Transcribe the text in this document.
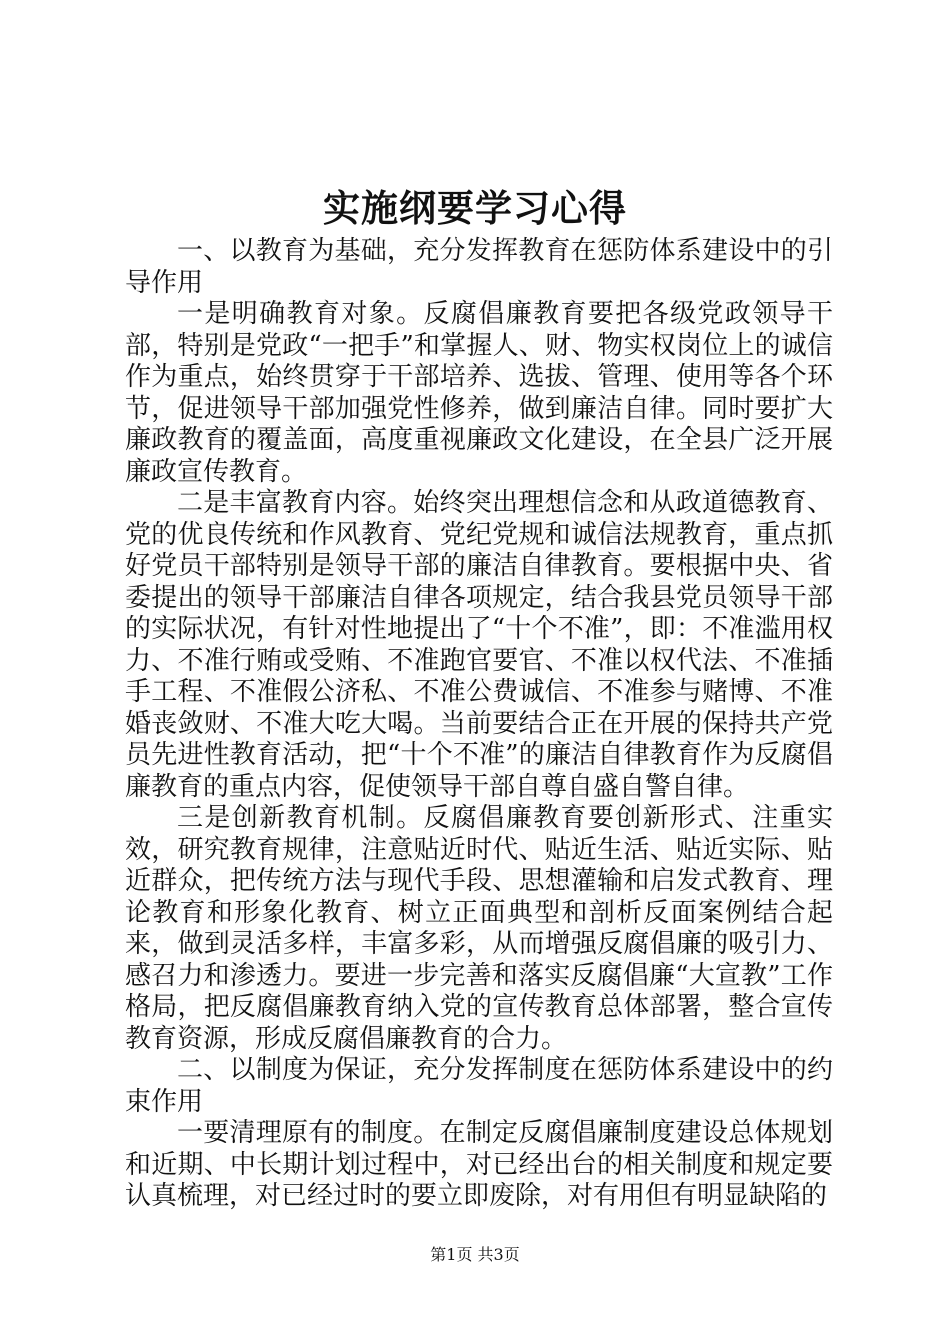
实施纲要学习心得

一、以教育为基础，充分发挥教育在惩防体系建设中的引导作用

一是明确教育对象。反腐倡廉教育要把各级党政领导干部，特别是党政“一把手”和掌握人、财、物实权岗位上的诚信作为重点，始终贯穿于干部培养、选拔、管理、使用等各个环节，促进领导干部加强党性修养，做到廉洁自律。同时要扩大廉政教育的覆盖面，高度重视廉政文化建设，在全县广泛开展廉政宣传教育。

二是丰富教育内容。始终突出理想信念和从政道德教育、党的优良传统和作风教育、党纪党规和诚信法规教育，重点抓好党员干部特别是领导干部的廉洁自律教育。要根据中央、省委提出的领导干部廉洁自律各项规定，结合我县党员领导干部的实际状况，有针对性地提出了“十个不准”，即：不准滥用权力、不准行贿或受贿、不准跑官要官、不准以权代法、不准插手工程、不准假公济私、不准公费诚信、不准参与赌博、不准婚丧敛财、不准大吃大喝。当前要结合正在开展的保持共产党员先进性教育活动，把“十个不准”的廉洁自律教育作为反腐倡廉教育的重点内容，促使领导干部自尊自盛自警自律。

三是创新教育机制。反腐倡廉教育要创新形式、注重实效，研究教育规律，注意贴近时代、贴近生活、贴近实际、贴近群众，把传统方法与现代手段、思想灌输和启发式教育、理论教育和形象化教育、树立正面典型和剖析反面案例结合起来，做到灵活多样，丰富多彩，从而增强反腐倡廉的吸引力、感召力和渗透力。要进一步完善和落实反腐倡廉“大宣教”工作格局，把反腐倡廉教育纳入党的宣传教育总体部署，整合宣传教育资源，形成反腐倡廉教育的合力。

二、以制度为保证，充分发挥制度在惩防体系建设中的约束作用

一要清理原有的制度。在制定反腐倡廉制度建设总体规划和近期、中长期计划过程中，对已经出台的相关制度和规定要认真梳理，对已经过时的要立即废除，对有用但有明显缺陷的

第1页 共3页
